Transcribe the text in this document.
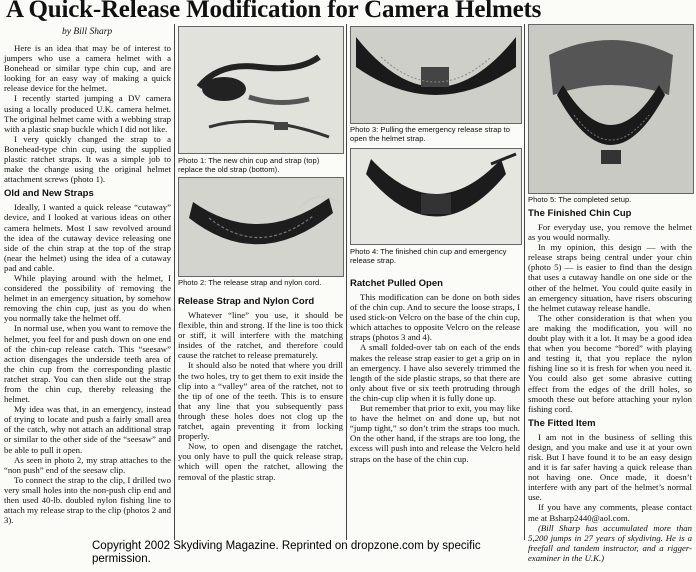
A Quick-Release Modification for Camera Helmets
by Bill Sharp

Here is an idea that may be of interest to jumpers who use a camera helmet with a Bonehead or similar type chin cup, and are looking for an easy way of making a quick release device for the helmet.

I recently started jumping a DV camera using a locally produced U.K. camera helmet. The original helmet came with a webbing strap with a plastic snap buckle which I did not like.

I very quickly changed the strap to a Bonehead-type chin cup, using the supplied plastic ratchet straps. It was a simple job to make the change using the original helmet attachment screws (photo 1).

Old and New Straps

Ideally, I wanted a quick release “cutaway” device, and I looked at various ideas on other camera helmets. Most I saw revolved around the idea of the cutaway device releasing one side of the chin strap at the top of the strap (near the helmet) using the idea of a cutaway pad and cable.

While playing around with the helmet, I considered the possibility of removing the helmet in an emergency situation, by somehow removing the chin cup, just as you do when you normally take the helmet off.

In normal use, when you want to remove the helmet, you feel for and push down on one end of the chin-cup release catch. This “seesaw” action disengages the underside teeth area of the chin cup from the corresponding plastic ratchet strap. You can then slide out the strap from the chin cup, thereby releasing the helmet.

My idea was that, in an emergency, instead of trying to locate and push a fairly small area of the catch, why not attach an additional strap or similar to the other side of the “seesaw” and be able to pull it open.

As seen in photo 2, my strap attaches to the “non push” end of the seesaw clip.

To connect the strap to the clip, I drilled two very small holes into the non-push clip end and then used 40-lb. doubled nylon fishing line to attach my release strap to the clip (photos 2 and 3).

Photo 1: The new chin cup and strap (top) replace the old strap (bottom).
Photo 2: The release strap and nylon cord.
Release Strap and Nylon Cord

Whatever “line” you use, it should be flexible, thin and strong. If the line is too thick or stiff, it will interfere with the matching insides of the ratchet, and therefore could cause the ratchet to release prematurely.

It should also be noted that where you drill the two holes, try to get them to exit inside the clip into a “valley” area of the ratchet, not to the tip of one of the teeth. This is to ensure that any line that you subsequently pass through these holes does not clog up the ratchet, again preventing it from locking properly.

Now, to open and disengage the ratchet, you only have to pull the quick release strap, which will open the ratchet, allowing the removal of the plastic strap.

Photo 3: Pulling the emergency release strap to open the helmet strap.
Photo 4: The finished chin cup and emergency release strap.
Ratchet Pulled Open

This modification can be done on both sides of the chin cup. And to secure the loose straps, I used stick-on Velcro on the base of the chin cup, which attaches to opposite Velcro on the release straps (photos 3 and 4).

A small folded-over tab on each of the ends makes the release strap easier to get a grip on in an emergency. I have also severely trimmed the length of the side plastic straps, so that there are only about five or six teeth protruding through the chin-cup clip when it is fully done up.

But remember that prior to exit, you may like to have the helmet on and done up, but not “jump tight,” so don’t trim the straps too much. On the other hand, if the straps are too long, the excess will push into and release the Velcro held straps on the base of the chin cup.

Photo 5: The completed setup.
The Finished Chin Cup

For everyday use, you remove the helmet as you would normally.

In my opinion, this design — with the release straps being central under your chin (photo 5) — is easier to find than the design that uses a cutaway handle on one side or the other of the helmet. You could quite easily in an emergency situation, have risers obscuring the helmet cutaway release handle.

The other consideration is that when you are making the modification, you will no doubt play with it a lot. It may be a good idea that when you become “bored” with playing and testing it, that you replace the nylon fishing line so it is fresh for when you need it. You could also get some abrasive cutting effect from the edges of the drill holes, so smooth these out before attaching your nylon fishing cord.

The Fitted Item

I am not in the business of selling this design, and you make and use it at your own risk. But I have found it to be an easy design and it is far safer having a quick release than not having one. Once made, it doesn’t interfere with any part of the helmet’s normal use.

If you have any comments, please contact me at Bsharp2440@aol.com.

(Bill Sharp has accumulated more than 5,200 jumps in 27 years of skydiving. He is a freefall and tandem instructor, and a rigger-examiner in the U.K.)

Copyright 2002 Skydiving Magazine. Reprinted on dropzone.com by specific permission.
